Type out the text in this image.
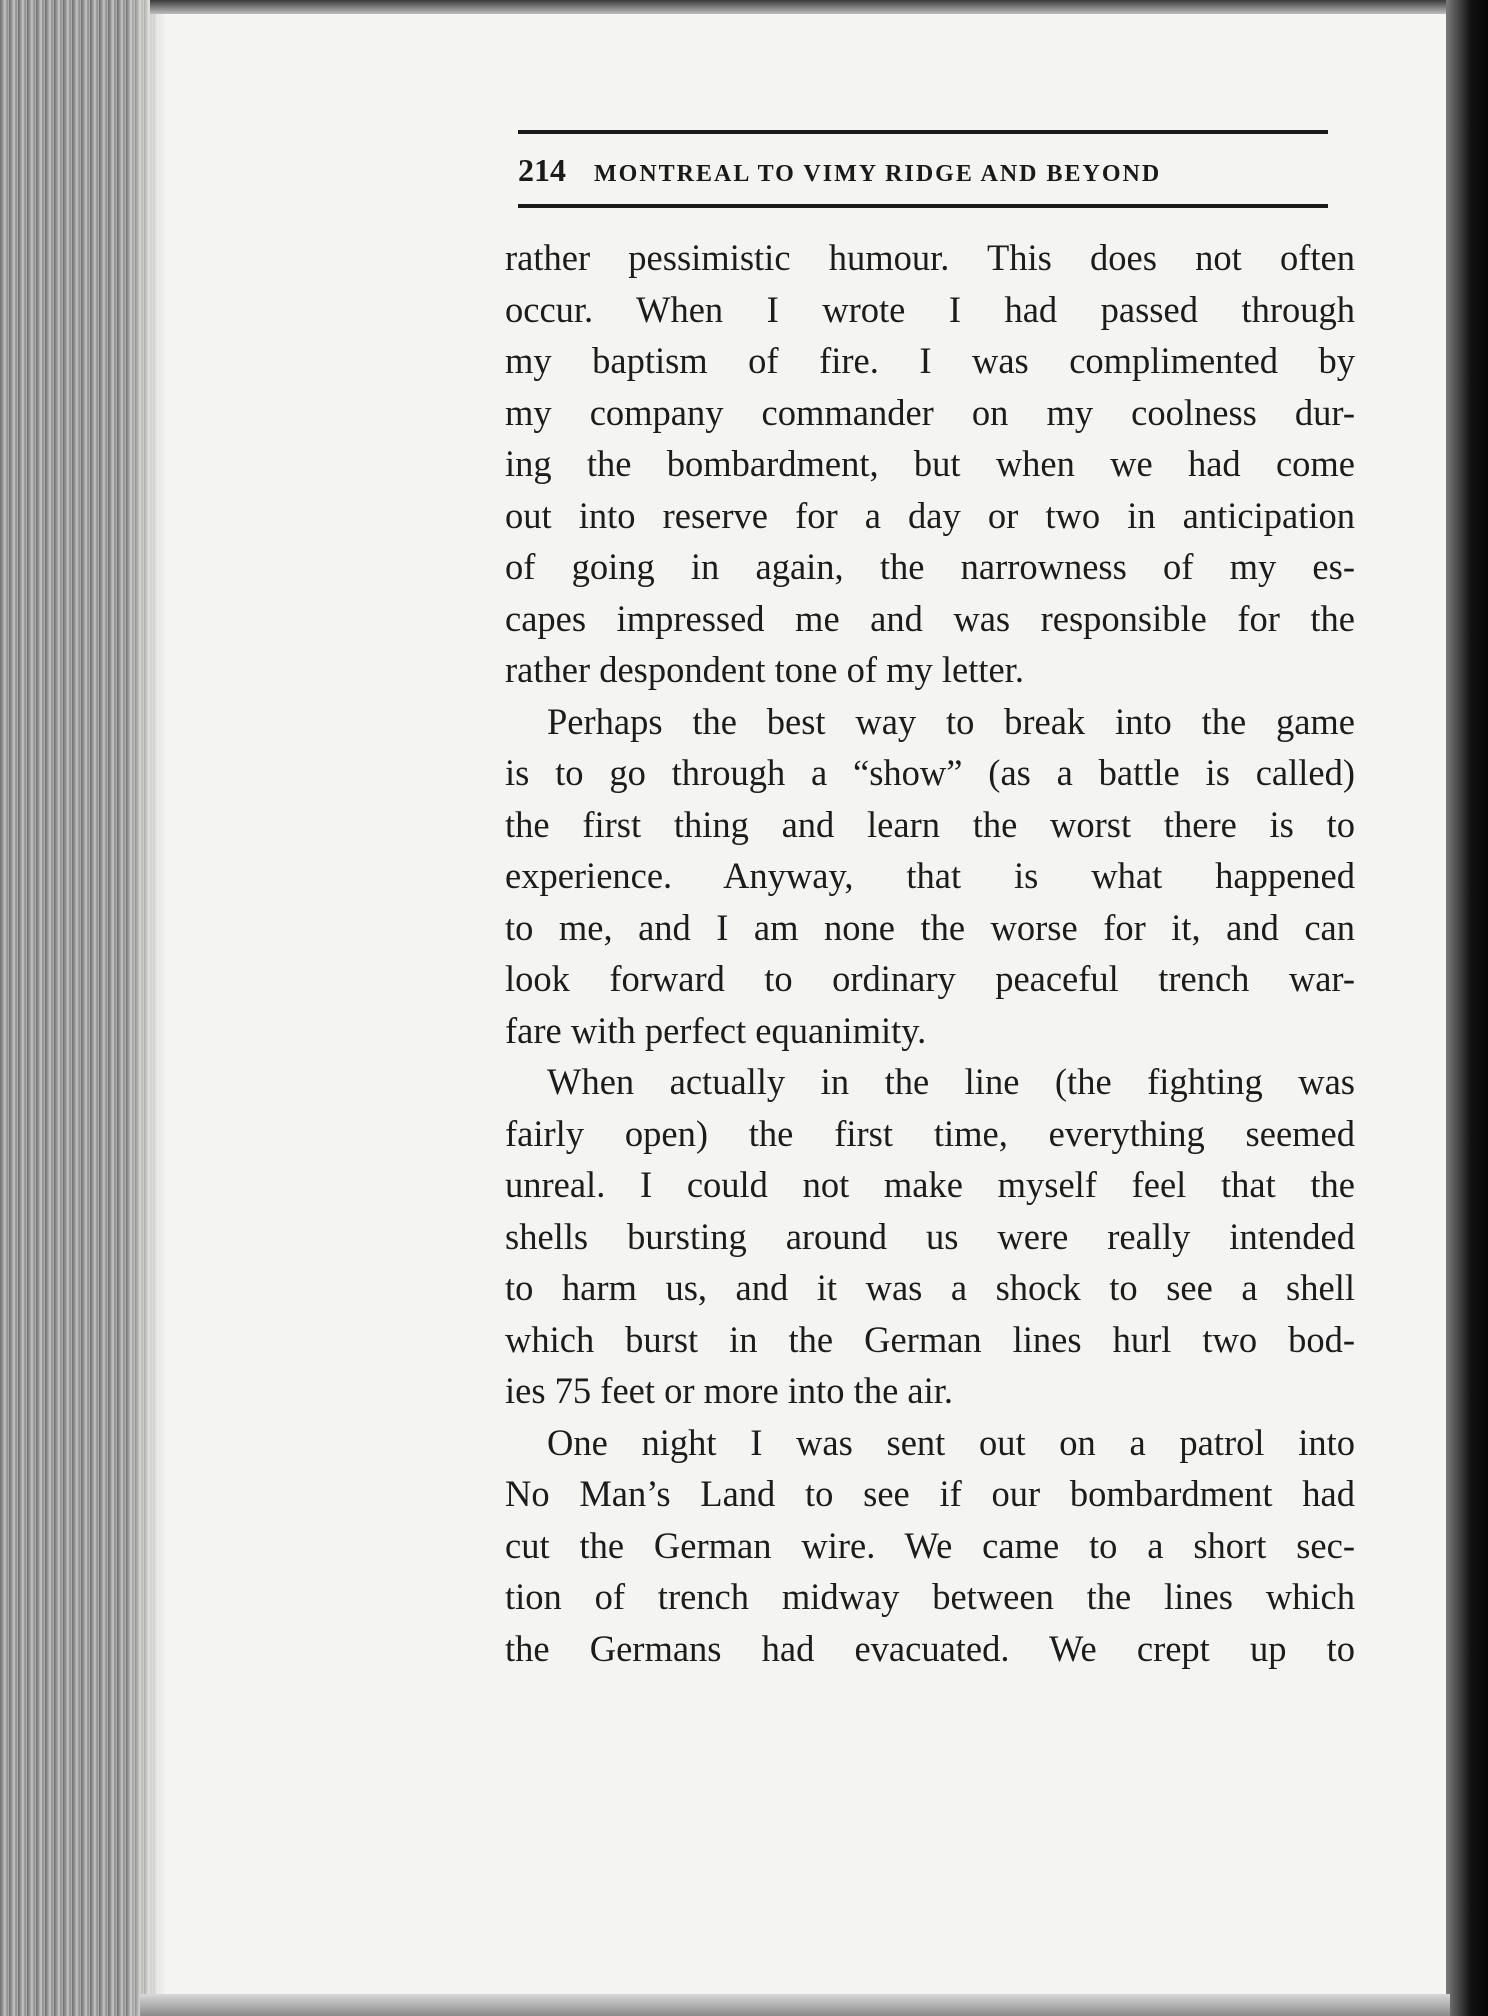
214 MONTREAL TO VIMY RIDGE AND BEYOND
rather pessimistic humour. This does not often
occur. When I wrote I had passed through
my baptism of fire. I was complimented by
my company commander on my coolness dur-
ing the bombardment, but when we had come
out into reserve for a day or two in anticipation
of going in again, the narrowness of my es-
capes impressed me and was responsible for the
rather despondent tone of my letter.
Perhaps the best way to break into the game
is to go through a “show” (as a battle is called)
the first thing and learn the worst there is to
experience. Anyway, that is what happened
to me, and I am none the worse for it, and can
look forward to ordinary peaceful trench war-
fare with perfect equanimity.
When actually in the line (the fighting was
fairly open) the first time, everything seemed
unreal. I could not make myself feel that the
shells bursting around us were really intended
to harm us, and it was a shock to see a shell
which burst in the German lines hurl two bod-
ies 75 feet or more into the air.
One night I was sent out on a patrol into
No Man’s Land to see if our bombardment had
cut the German wire. We came to a short sec-
tion of trench midway between the lines which
the Germans had evacuated. We crept up to
